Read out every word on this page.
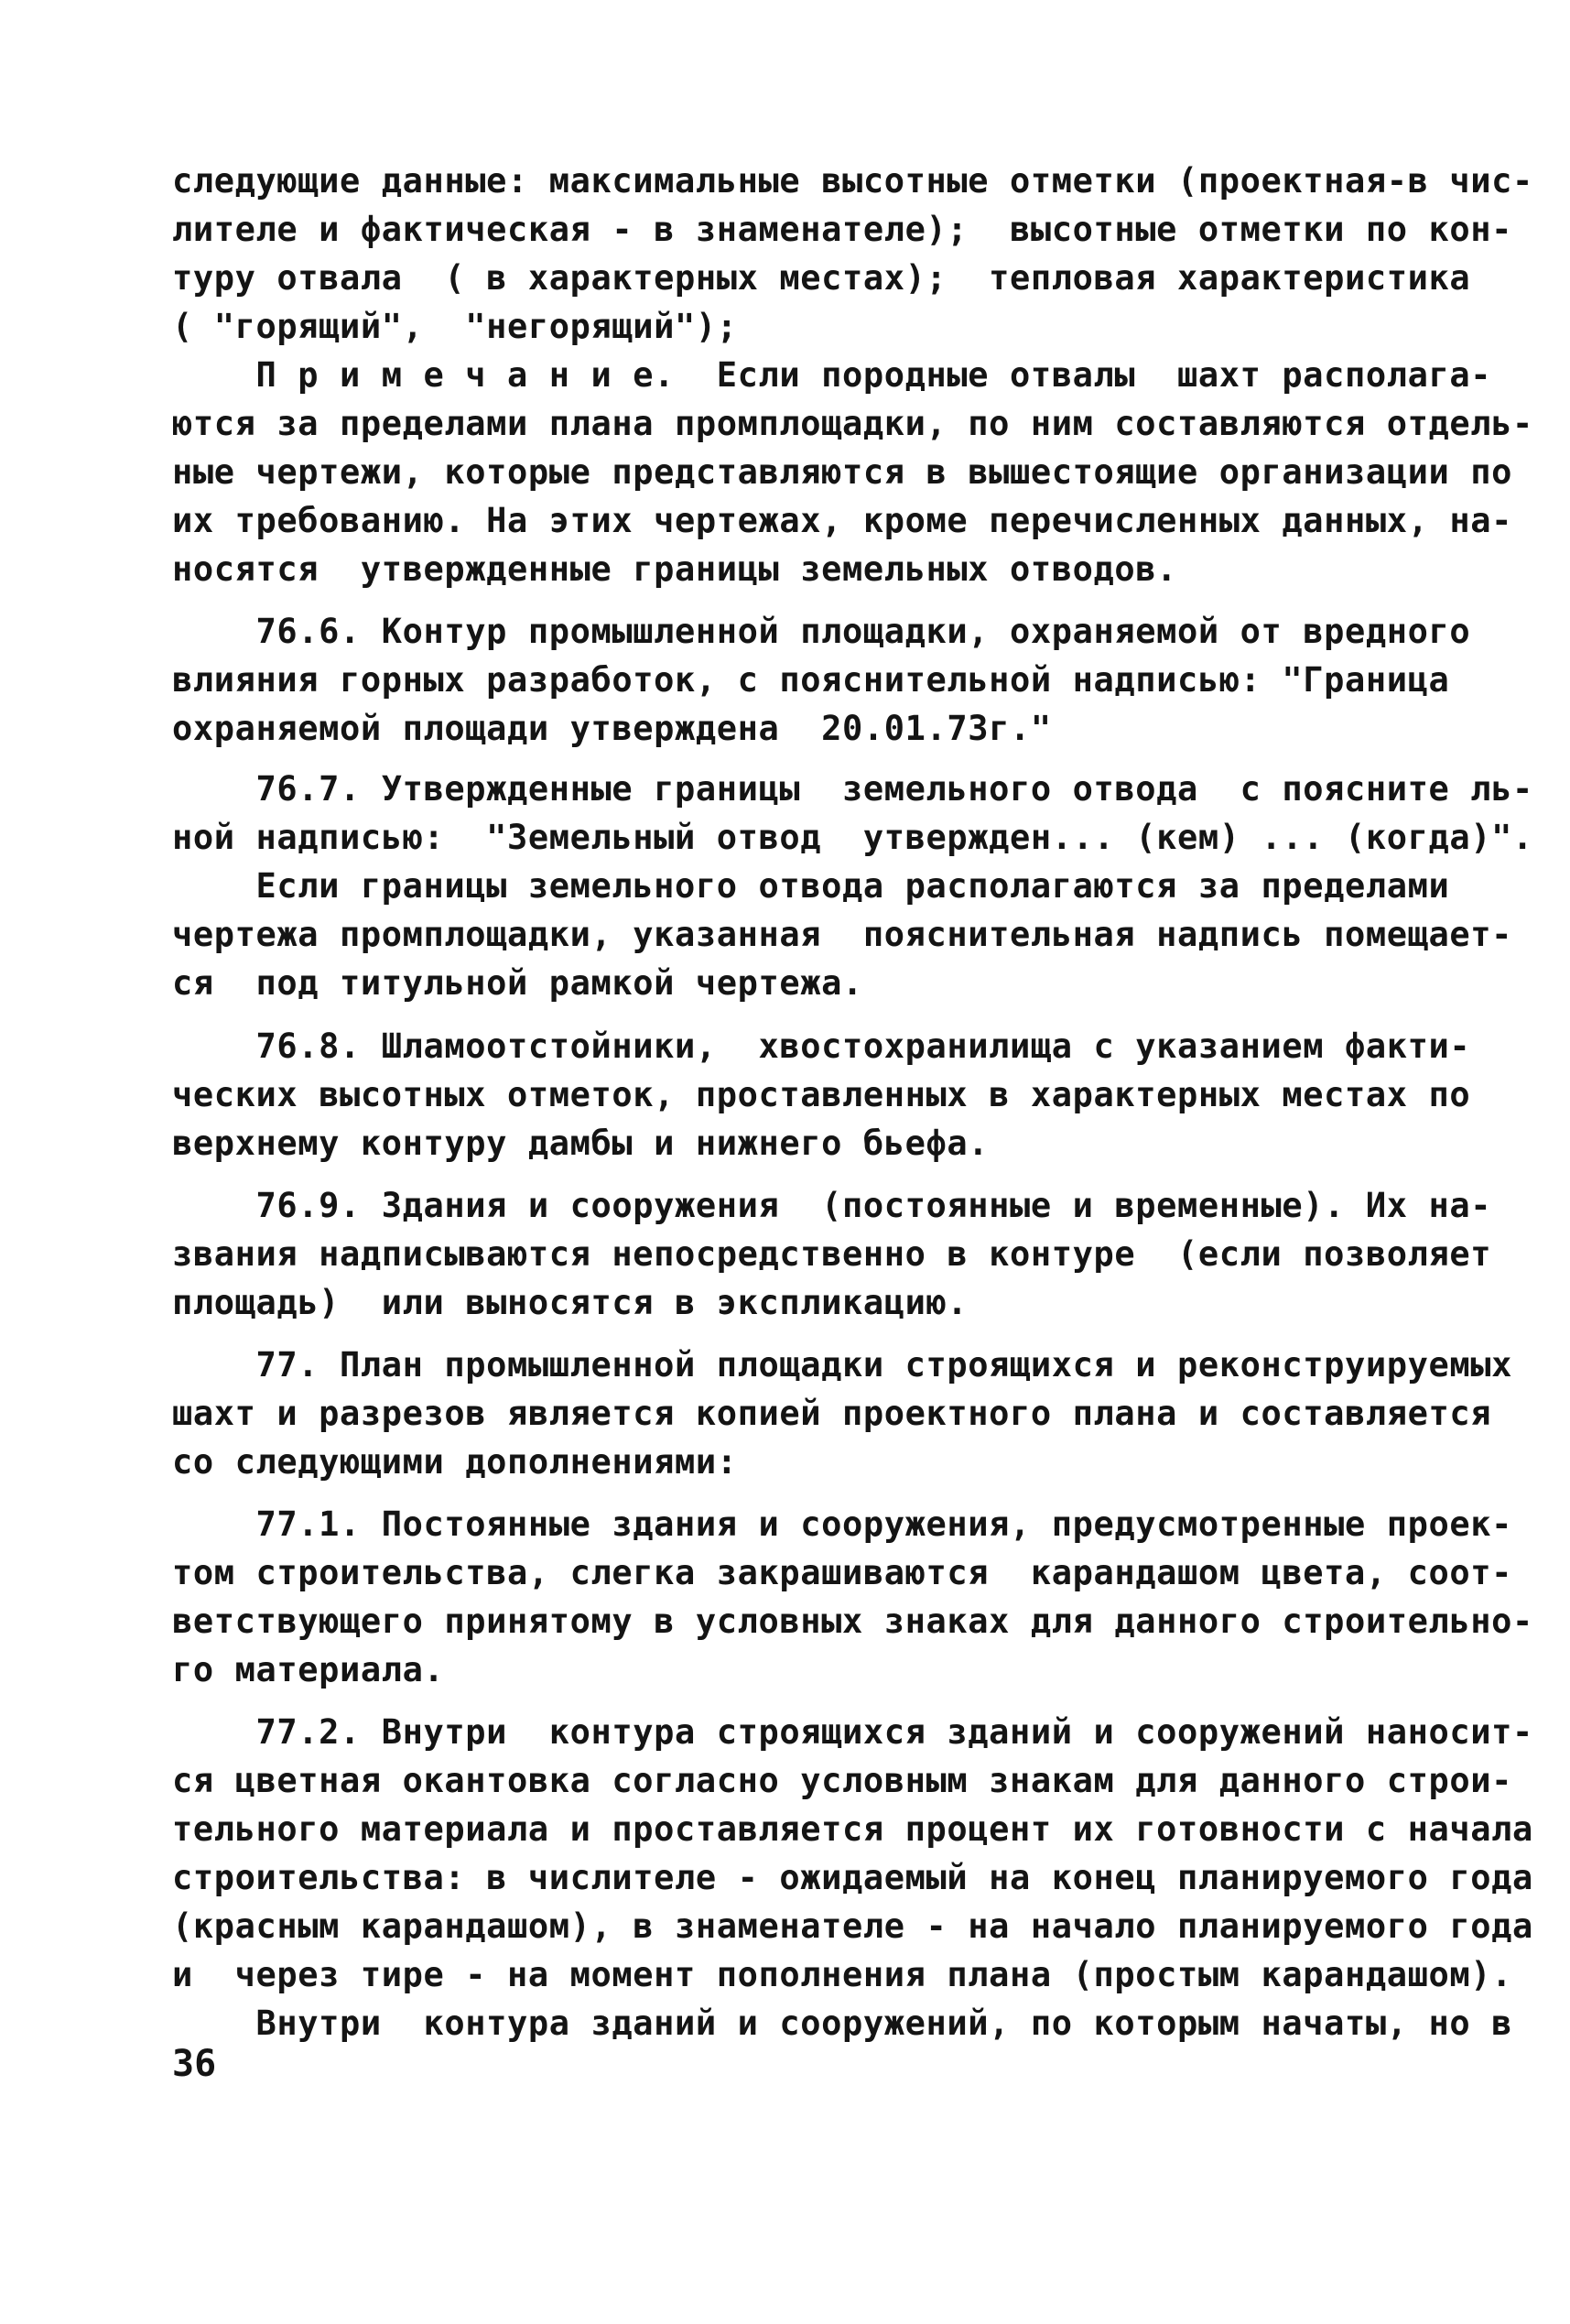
следующие данные: максимальные высотные отметки (проектная-в чис-
лителе и фактическая - в знаменателе);  высотные отметки по кон-
туру отвала  ( в характерных местах);  тепловая характеристика
( "горящий",  "негорящий");
П р и м е ч а н и е.  Если породные отвалы  шахт располага-
ются за пределами плана промплощадки, по ним составляются отдель-
ные чертежи, которые представляются в вышестоящие организации по
их требованию. На этих чертежах, кроме перечисленных данных, на-
носятся  утвержденные границы земельных отводов.
76.6. Контур промышленной площадки, охраняемой от вредного
влияния горных разработок, с пояснительной надписью: "Граница
охраняемой площади утверждена  20.01.73г."
76.7. Утвержденные границы  земельного отвода  с поясните ль-
ной надписью:  "Земельный отвод  утвержден... (кем) ... (когда)".
Если границы земельного отвода располагаются за пределами
чертежа промплощадки, указанная  пояснительная надпись помещает-
ся  под титульной рамкой чертежа.
76.8. Шламоотстойники,  хвостохранилища с указанием факти-
ческих высотных отметок, проставленных в характерных местах по
верхнему контуру дамбы и нижнего бьефа.
76.9. Здания и сооружения  (постоянные и временные). Их на-
звания надписываются непосредственно в контуре  (если позволяет
площадь)  или выносятся в экспликацию.
77. План промышленной площадки строящихся и реконструируемых
шахт и разрезов является копией проектного плана и составляется
со следующими дополнениями:
77.1. Постоянные здания и сооружения, предусмотренные проек-
том строительства, слегка закрашиваются  карандашом цвета, соот-
ветствующего принятому в условных знаках для данного строительно-
го материала.
77.2. Внутри  контура строящихся зданий и сооружений наносит-
ся цветная окантовка согласно условным знакам для данного строи-
тельного материала и проставляется процент их готовности с начала
строительства: в числителе - ожидаемый на конец планируемого года
(красным карандашом), в знаменателе - на начало планируемого года
и  через тире - на момент пополнения плана (простым карандашом).
Внутри  контура зданий и сооружений, по которым начаты, но в
36
